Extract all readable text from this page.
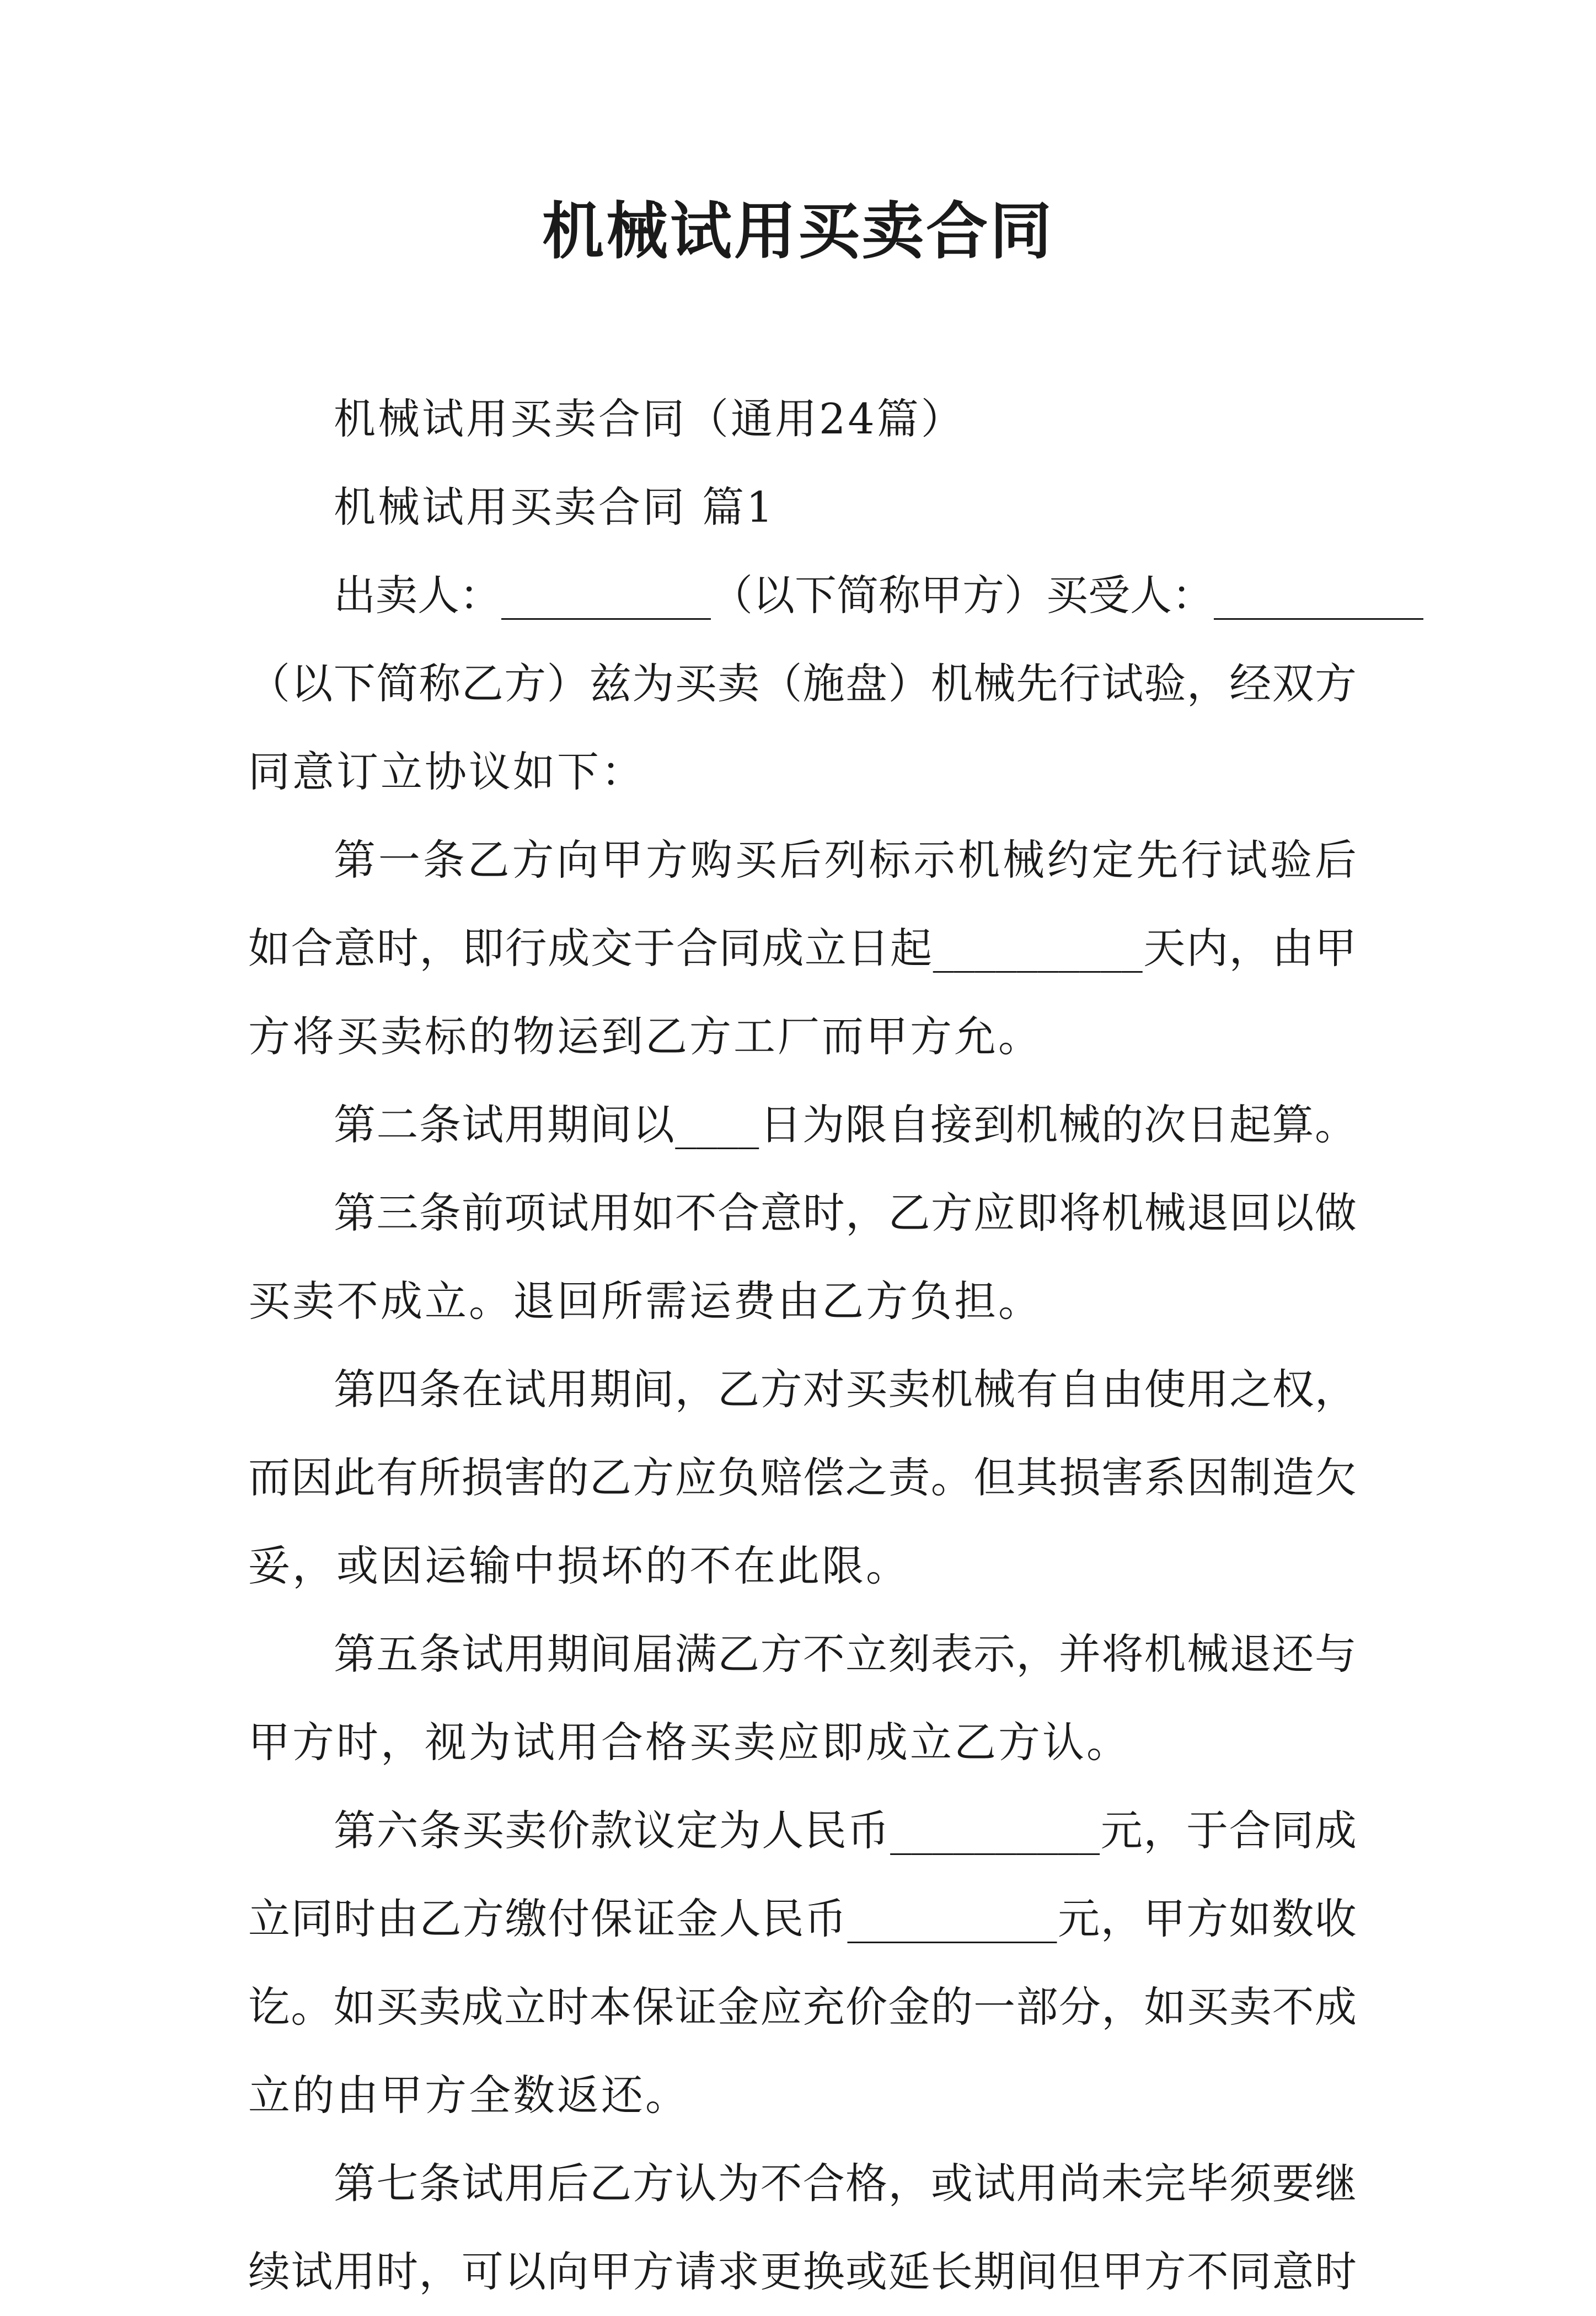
机械试用买卖合同
机械试用买卖合同（通用24篇）
机械试用买卖合同 篇1
出 卖 人 ： __________ （ 以 下 简 称 甲 方 ） 买 受 人 ： __________
（ 以 下 简 称 乙 方 ） 兹 为 买 卖 （ 施 盘 ） 机 械 先 行 试 验 ， 经 双 方
同意订立协议如下：
第 一 条 乙 方 向 甲 方 购 买 后 列 标 示 机 械 约 定 先 行 试 验 后
如 合 意 时 ， 即 行 成 交 于 合 同 成 立 日 起 __________ 天 内 ， 由 甲
方将买卖标的物运到乙方工厂而甲方允。
第 二 条 试 用 期 间 以 ____ 日 为 限 自 接 到 机 械 的 次 日 起 算 。
第 三 条 前 项 试 用 如 不 合 意 时 ， 乙 方 应 即 将 机 械 退 回 以 做
买卖不成立。退回所需运费由乙方负担。
第 四 条 在 试 用 期 间 ， 乙 方 对 买 卖 机 械 有 自 由 使 用 之 权 ，
而 因 此 有 所 损 害 的 乙 方 应 负 赔 偿 之 责 。 但 其 损 害 系 因 制 造 欠
妥，或因运输中损坏的不在此限。
第 五 条 试 用 期 间 届 满 乙 方 不 立 刻 表 示 ， 并 将 机 械 退 还 与
甲方时，视为试用合格买卖应即成立乙方认。
第 六 条 买 卖 价 款 议 定 为 人 民 币 __________ 元 ， 于 合 同 成
立 同 时 由 乙 方 缴 付 保 证 金 人 民 币 __________ 元 ， 甲 方 如 数 收
讫 。 如 买 卖 成 立 时 本 保 证 金 应 充 价 金 的 一 部 分 ， 如 买 卖 不 成
立的由甲方全数返还。
第 七 条 试 用 后 乙 方 认 为 不 合 格 ， 或 试 用 尚 未 完 毕 须 要 继
续 试 用 时 ， 可 以 向 甲 方 请 求 更 换 或 延 长 期 间 但 甲 方 不 同 意 时
